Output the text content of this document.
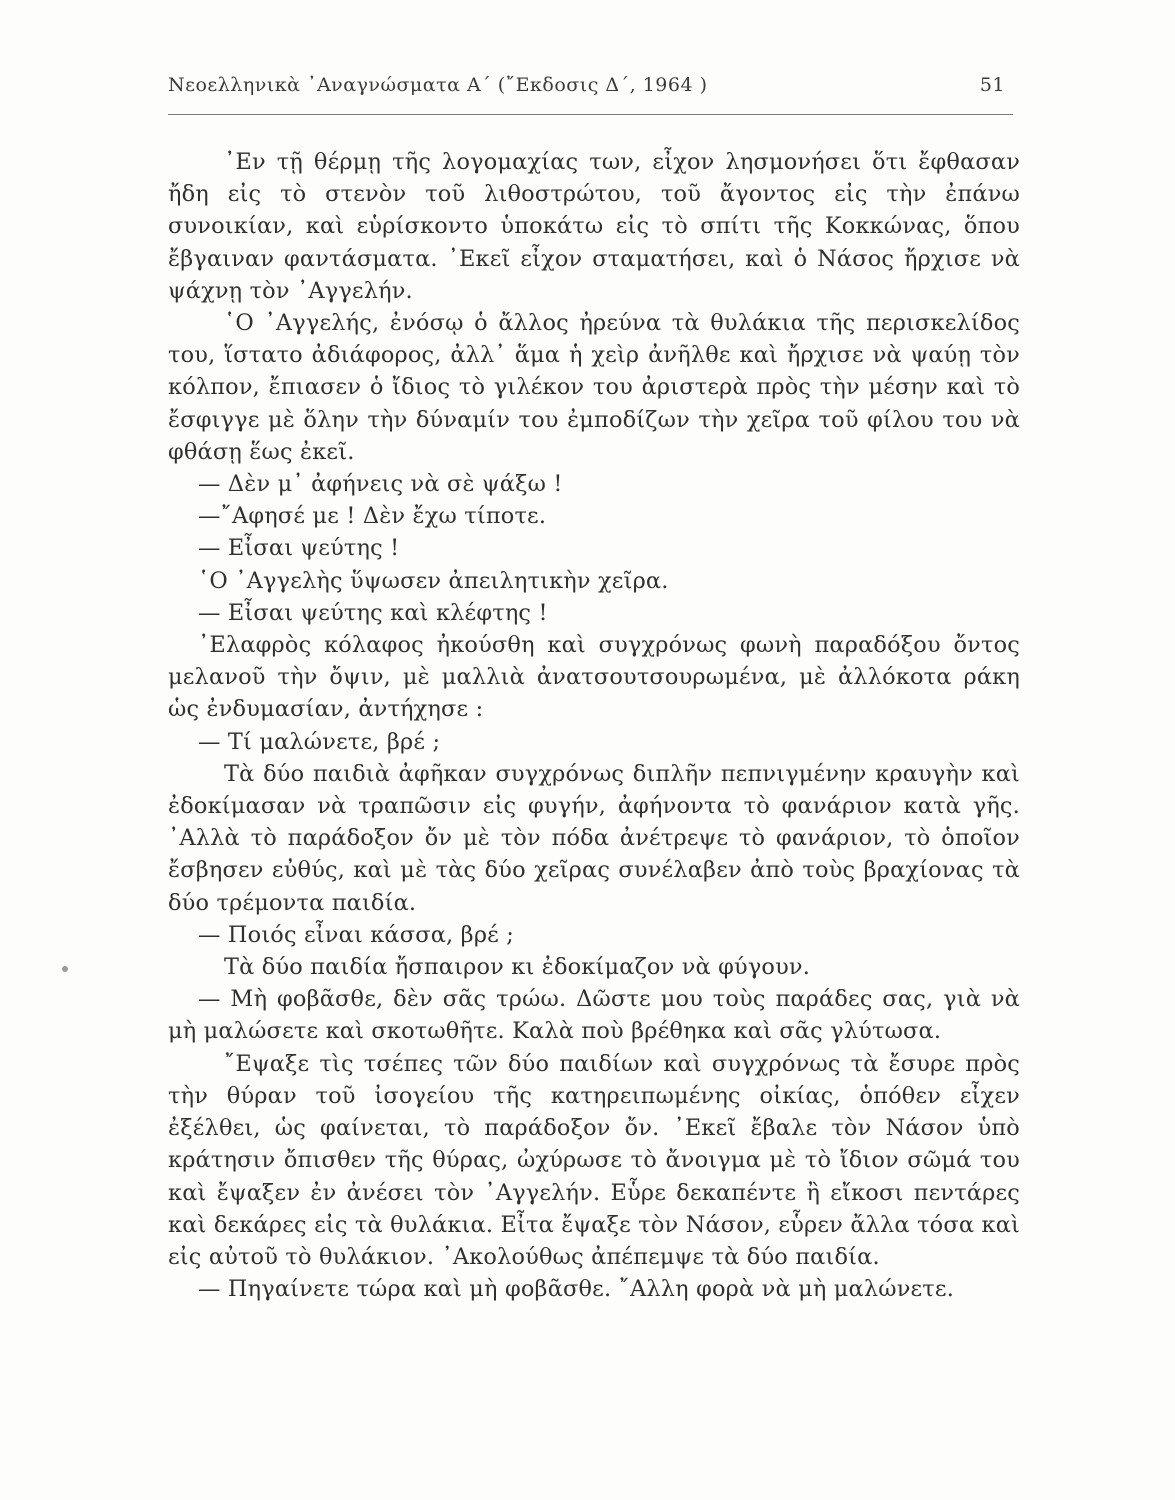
Νεοελληνικὰ ᾿Αναγνώσματα Α´ (῎Εκδοσις Δ´, 1964 )	51

᾿Εν τῇ θέρμῃ τῆς λογομαχίας των, εἶχον λησμονήσει ὅτι ἔφθασαν ἤδη εἰς τὸ στενὸν τοῦ λιθοστρώτου, τοῦ ἄγοντος εἰς τὴν ἐπάνω συνοικίαν, καὶ εὑρίσκοντο ὑποκάτω εἰς τὸ σπίτι τῆς Κοκκώνας, ὅπου ἔβγαιναν φαντάσματα. ᾿Εκεῖ εἶχον σταματήσει, καὶ ὁ Νάσος ἤρχισε νὰ ψάχνῃ τὸν ᾿Αγγελήν.

῾Ο ᾿Αγγελής, ἐνόσῳ ὁ ἄλλος ἠρεύνα τὰ θυλάκια τῆς περισκελίδος του, ἵστατο ἀδιάφορος, ἀλλ᾿ ἅμα ἡ χεὶρ ἀνῆλθε καὶ ἤρχισε νὰ ψαύῃ τὸν κόλπον, ἔπιασεν ὁ ἴδιος τὸ γιλέκον του ἀριστερὰ πρὸς τὴν μέσην καὶ τὸ ἔσφιγγε μὲ ὅλην τὴν δύναμίν του ἐμποδίζων τὴν χεῖρα τοῦ φίλου του νὰ φθάσῃ ἕως ἐκεῖ.

— Δὲν μ᾿ ἀφήνεις νὰ σὲ ψάξω !

—῎Αφησέ με ! Δὲν ἔχω τίποτε.

— Εἶσαι ψεύτης !

῾Ο ᾿Αγγελὴς ὕψωσεν ἀπειλητικὴν χεῖρα.

— Εἶσαι ψεύτης καὶ κλέφτης !

᾿Ελαφρὸς κόλαφος ἠκούσθη καὶ συγχρόνως φωνὴ παραδόξου ὄντος μελανοῦ τὴν ὄψιν, μὲ μαλλιὰ ἀνατσουτσουρωμένα, μὲ ἀλλόκοτα ράκη ὡς ἐνδυμασίαν, ἀντήχησε :

— Τί μαλώνετε, βρέ ;

Τὰ δύο παιδιὰ ἀφῆκαν συγχρόνως διπλῆν πεπνιγμένην κραυγὴν καὶ ἐδοκίμασαν νὰ τραπῶσιν εἰς φυγήν, ἀφήνοντα τὸ φανάριον κατὰ γῆς. ᾿Αλλὰ τὸ παράδοξον ὄν μὲ τὸν πόδα ἀνέτρεψε τὸ φανάριον, τὸ ὁποῖον ἔσβησεν εὐθύς, καὶ μὲ τὰς δύο χεῖρας συνέλαβεν ἀπὸ τοὺς βραχίονας τὰ δύο τρέμοντα παιδία.

— Ποιός εἶναι κάσσα, βρέ ;

Τὰ δύο παιδία ἤσπαιρον κι ἐδοκίμαζον νὰ φύγουν.

— Μὴ φοβᾶσθε, δὲν σᾶς τρώω. Δῶστε μου τοὺς παράδες σας, γιὰ νὰ μὴ μαλώσετε καὶ σκοτωθῆτε. Καλὰ ποὺ βρέθηκα καὶ σᾶς γλύτωσα.

῎Εψαξε τὶς τσέπες τῶν δύο παιδίων καὶ συγχρόνως τὰ ἔσυρε πρὸς τὴν θύραν τοῦ ἰσογείου τῆς κατηρειπωμένης οἰκίας, ὁπόθεν εἶχεν ἐξέλθει, ὡς φαίνεται, τὸ παράδοξον ὄν. ᾿Εκεῖ ἔβαλε τὸν Νάσον ὑπὸ κράτησιν ὄπισθεν τῆς θύρας, ὠχύρωσε τὸ ἄνοιγμα μὲ τὸ ἴδιον σῶμά του καὶ ἔψαξεν ἐν ἀνέσει τὸν ᾿Αγγελήν. Εὗρε δεκαπέντε ἢ εἴκοσι πεντάρες καὶ δεκάρες εἰς τὰ θυλάκια. Εἶτα ἔψαξε τὸν Νάσον, εὗρεν ἄλλα τόσα καὶ εἰς αὐτοῦ τὸ θυλάκιον. ᾿Ακολούθως ἀπέπεμψε τὰ δύο παιδία.

— Πηγαίνετε τώρα καὶ μὴ φοβᾶσθε. ῎Αλλη φορὰ νὰ μὴ μαλώνετε.
